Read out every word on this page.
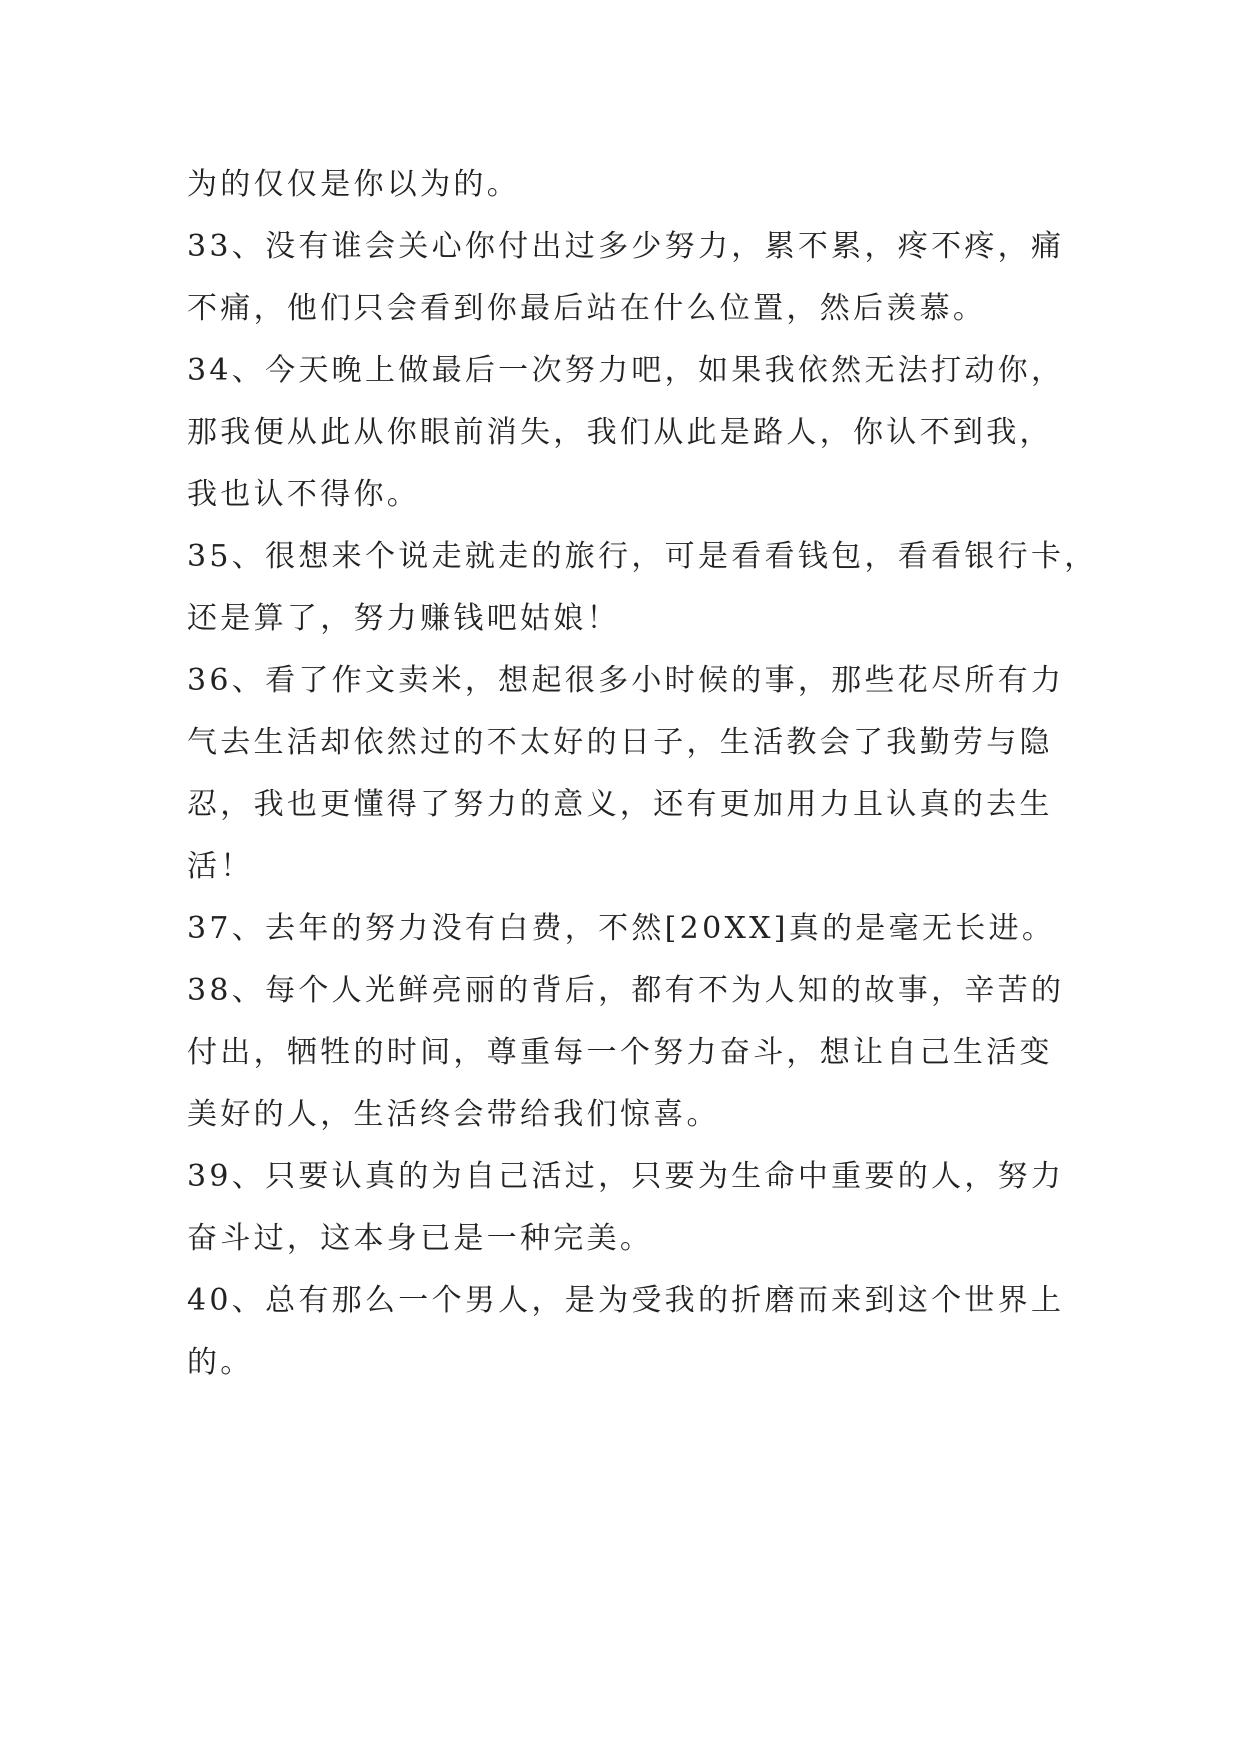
为的仅仅是你以为的。
33、没有谁会关心你付出过多少努力，累不累，疼不疼，痛
不痛，他们只会看到你最后站在什么位置，然后羡慕。
34、今天晚上做最后一次努力吧，如果我依然无法打动你，
那我便从此从你眼前消失，我们从此是路人，你认不到我，
我也认不得你。
35、很想来个说走就走的旅行，可是看看钱包，看看银行卡，
还是算了，努力赚钱吧姑娘！
36、看了作文卖米，想起很多小时候的事，那些花尽所有力
气去生活却依然过的不太好的日子，生活教会了我勤劳与隐
忍，我也更懂得了努力的意义，还有更加用力且认真的去生
活！
37、去年的努力没有白费，不然[20XX]真的是毫无长进。
38、每个人光鲜亮丽的背后，都有不为人知的故事，辛苦的
付出，牺牲的时间，尊重每一个努力奋斗，想让自己生活变
美好的人，生活终会带给我们惊喜。
39、只要认真的为自己活过，只要为生命中重要的人，努力
奋斗过，这本身已是一种完美。
40、总有那么一个男人，是为受我的折磨而来到这个世界上
的。
